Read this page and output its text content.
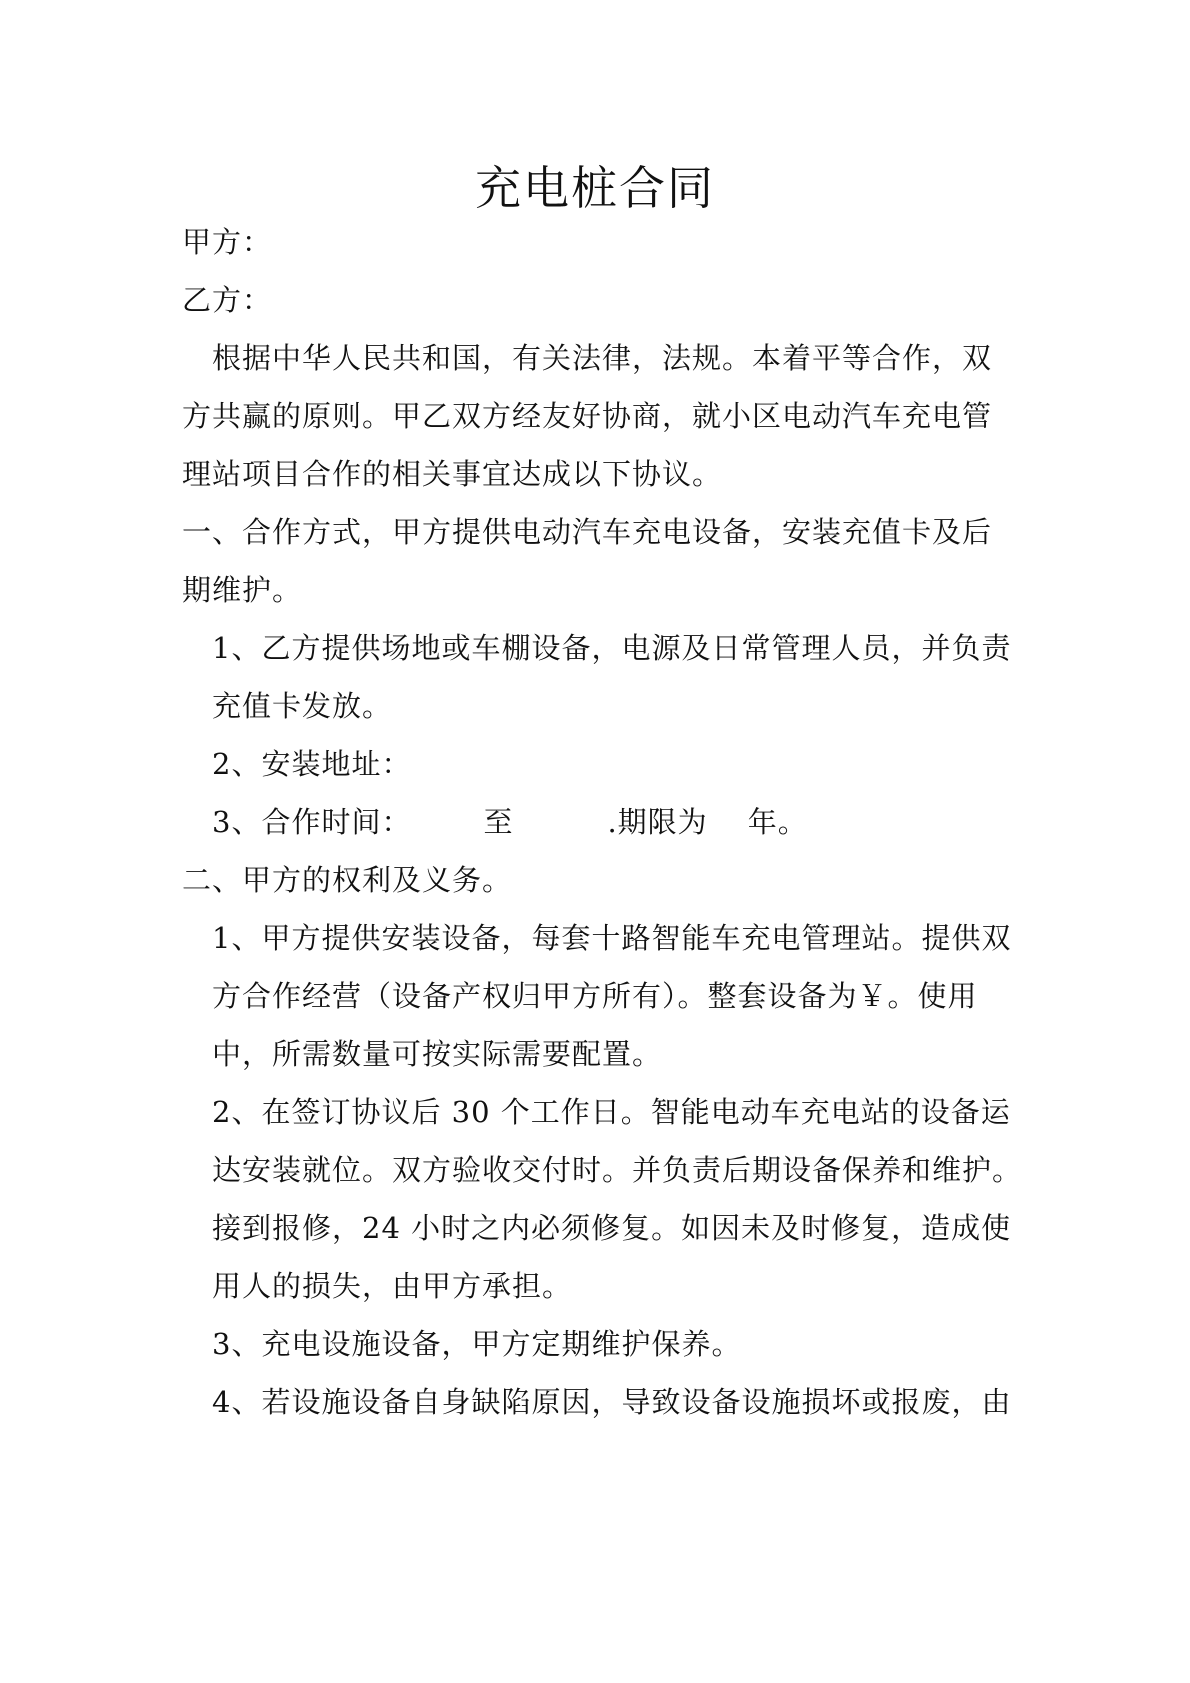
充电桩合同
甲方：
乙方：
根据中华人民共和国，有关法律，法规。本着平等合作，双
方共赢的原则。甲乙双方经友好协商，就小区电动汽车充电管
理站项目合作的相关事宜达成以下协议。
一、合作方式，甲方提供电动汽车充电设备，安装充值卡及后
期维护。
1、乙方提供场地或车棚设备，电源及日常管理人员，并负责
充值卡发放。
2、安装地址：
3、合作时间： 至	.期限为 年。
二、甲方的权利及义务。
1、甲方提供安装设备，每套十路智能车充电管理站。提供双
方合作经营（设备产权归甲方所有）。整套设备为￥。使用
中，所需数量可按实际需要配置。
2、在签订协议后 30 个工作日。智能电动车充电站的设备运
达安装就位。双方验收交付时。并负责后期设备保养和维护。
接到报修，24 小时之内必须修复。如因未及时修复，造成使
用人的损失，由甲方承担。
3、充电设施设备，甲方定期维护保养。
4、若设施设备自身缺陷原因，导致设备设施损坏或报废，由
